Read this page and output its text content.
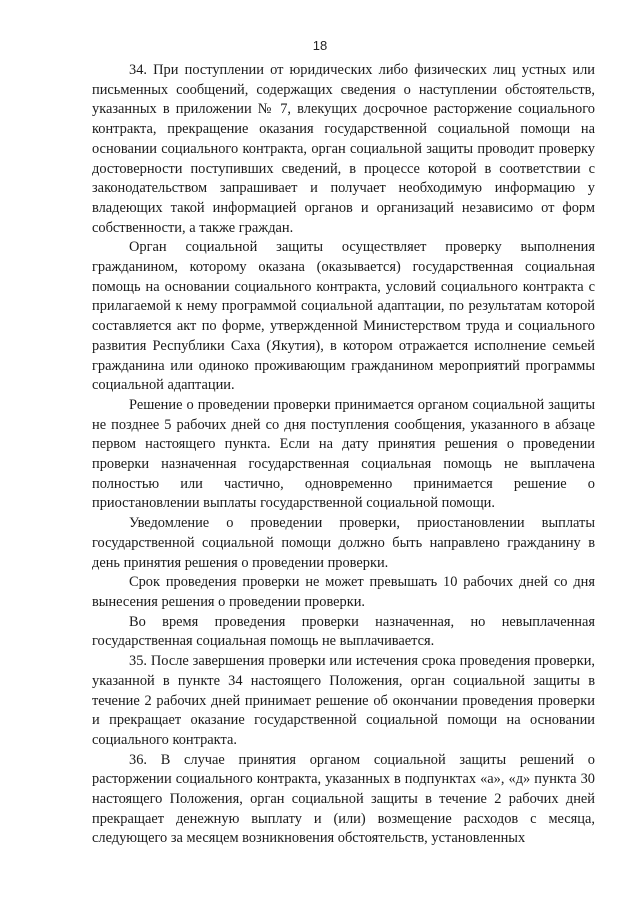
18

34. При поступлении от юридических либо физических лиц устных или письменных сообщений, содержащих сведения о наступлении обстоятельств, указанных в приложении № 7, влекущих досрочное расторжение социального контракта, прекращение оказания государственной социальной помощи на основании социального контракта, орган социальной защиты проводит проверку достоверности поступивших сведений, в процессе которой в соответствии с законодательством запрашивает и получает необходимую информацию у владеющих такой информацией органов и организаций независимо от форм собственности, а также граждан.

Орган социальной защиты осуществляет проверку выполнения гражданином, которому оказана (оказывается) государственная социальная помощь на основании социального контракта, условий социального контракта с прилагаемой к нему программой социальной адаптации, по результатам которой составляется акт по форме, утвержденной Министерством труда и социального развития Республики Саха (Якутия), в котором отражается исполнение семьей гражданина или одиноко проживающим гражданином мероприятий программы социальной адаптации.

Решение о проведении проверки принимается органом социальной защиты не позднее 5 рабочих дней со дня поступления сообщения, указанного в абзаце первом настоящего пункта. Если на дату принятия решения о проведении проверки назначенная государственная социальная помощь не выплачена полностью или частично, одновременно принимается решение о приостановлении выплаты государственной социальной помощи.

Уведомление о проведении проверки, приостановлении выплаты государственной социальной помощи должно быть направлено гражданину в день принятия решения о проведении проверки.

Срок проведения проверки не может превышать 10 рабочих дней со дня вынесения решения о проведении проверки.

Во время проведения проверки назначенная, но невыплаченная государственная социальная помощь не выплачивается.

35. После завершения проверки или истечения срока проведения проверки, указанной в пункте 34 настоящего Положения, орган социальной защиты в течение 2 рабочих дней принимает решение об окончании проведения проверки и прекращает оказание государственной социальной помощи на основании социального контракта.

36. В случае принятия органом социальной защиты решений о расторжении социального контракта, указанных в подпунктах «а», «д» пункта 30 настоящего Положения, орган социальной защиты в течение 2 рабочих дней прекращает денежную выплату и (или) возмещение расходов с месяца, следующего за месяцем возникновения обстоятельств, установленных
